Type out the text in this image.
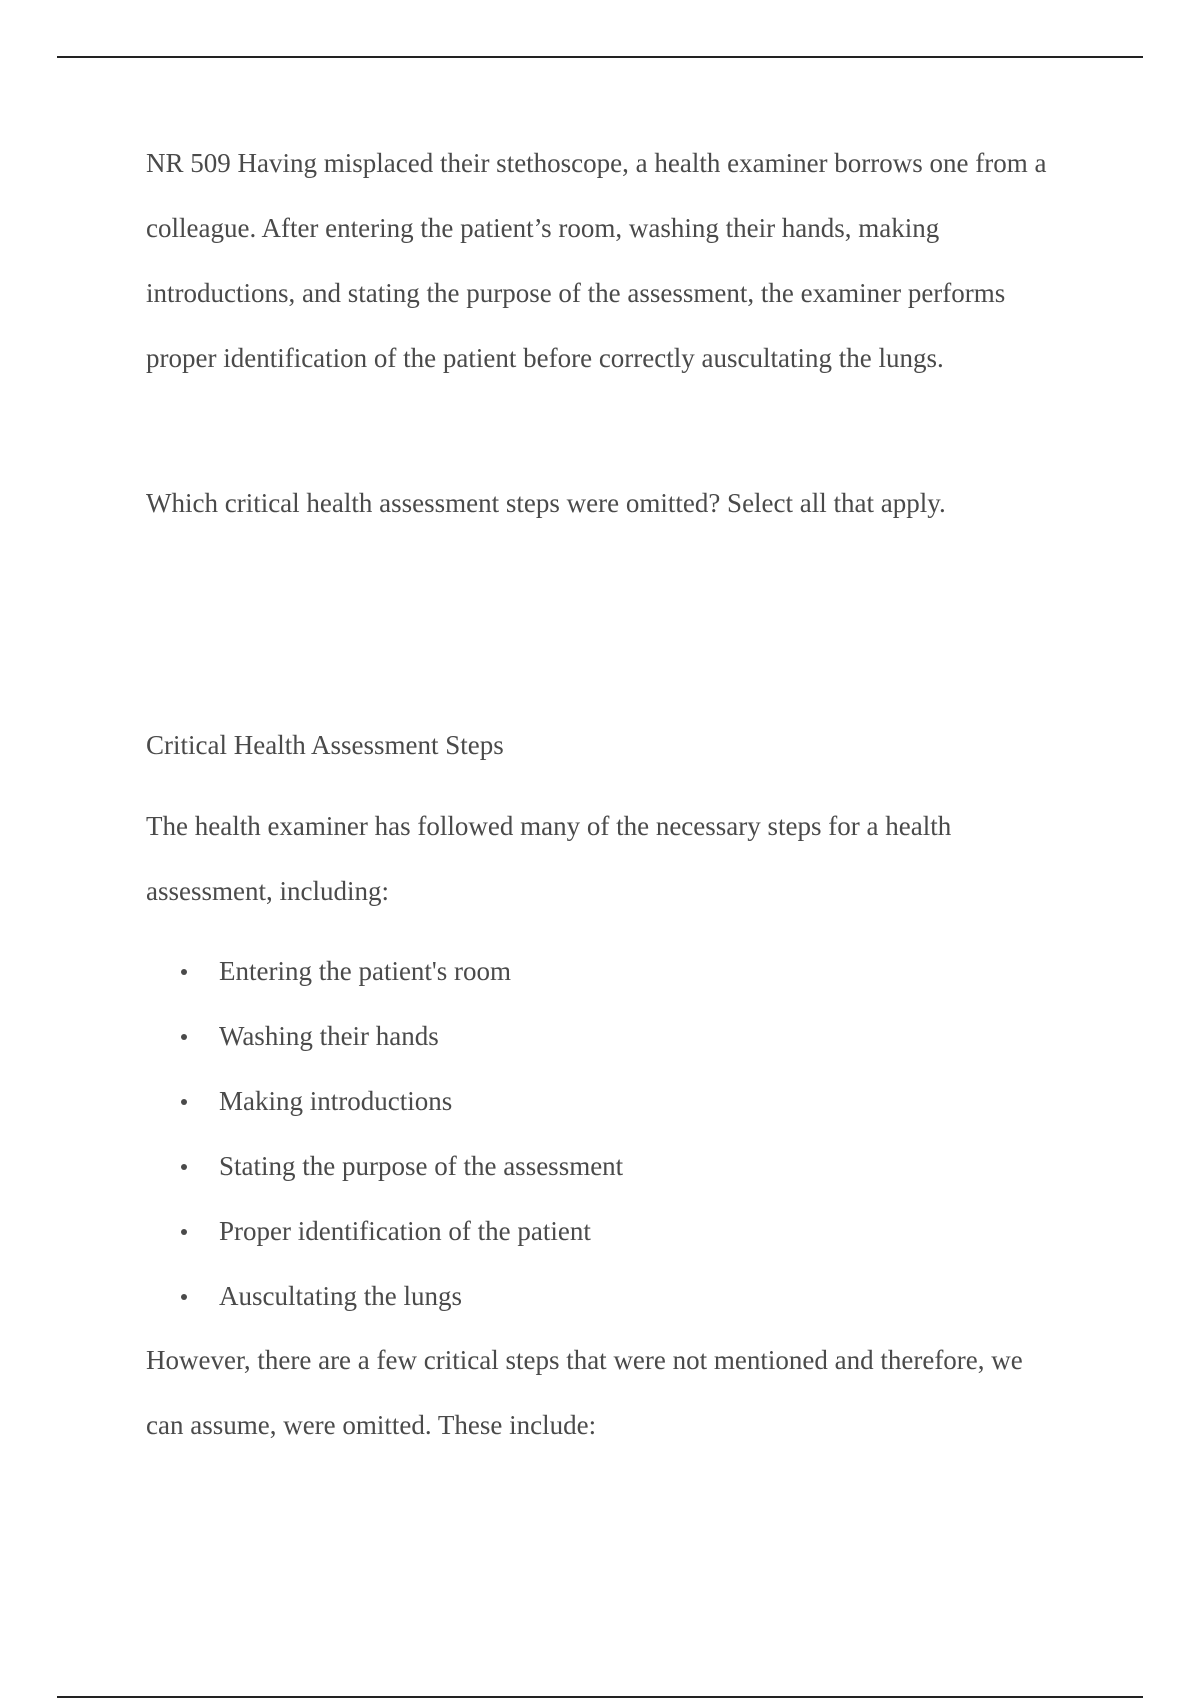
NR 509 Having misplaced their stethoscope, a health examiner borrows one from a colleague. After entering the patient’s room, washing their hands, making introductions, and stating the purpose of the assessment, the examiner performs proper identification of the patient before correctly auscultating the lungs.

Which critical health assessment steps were omitted? Select all that apply.

Critical Health Assessment Steps

The health examiner has followed many of the necessary steps for a health assessment, including:

Entering the patient's room
Washing their hands
Making introductions
Stating the purpose of the assessment
Proper identification of the patient
Auscultating the lungs

However, there are a few critical steps that were not mentioned and therefore, we can assume, were omitted. These include:
